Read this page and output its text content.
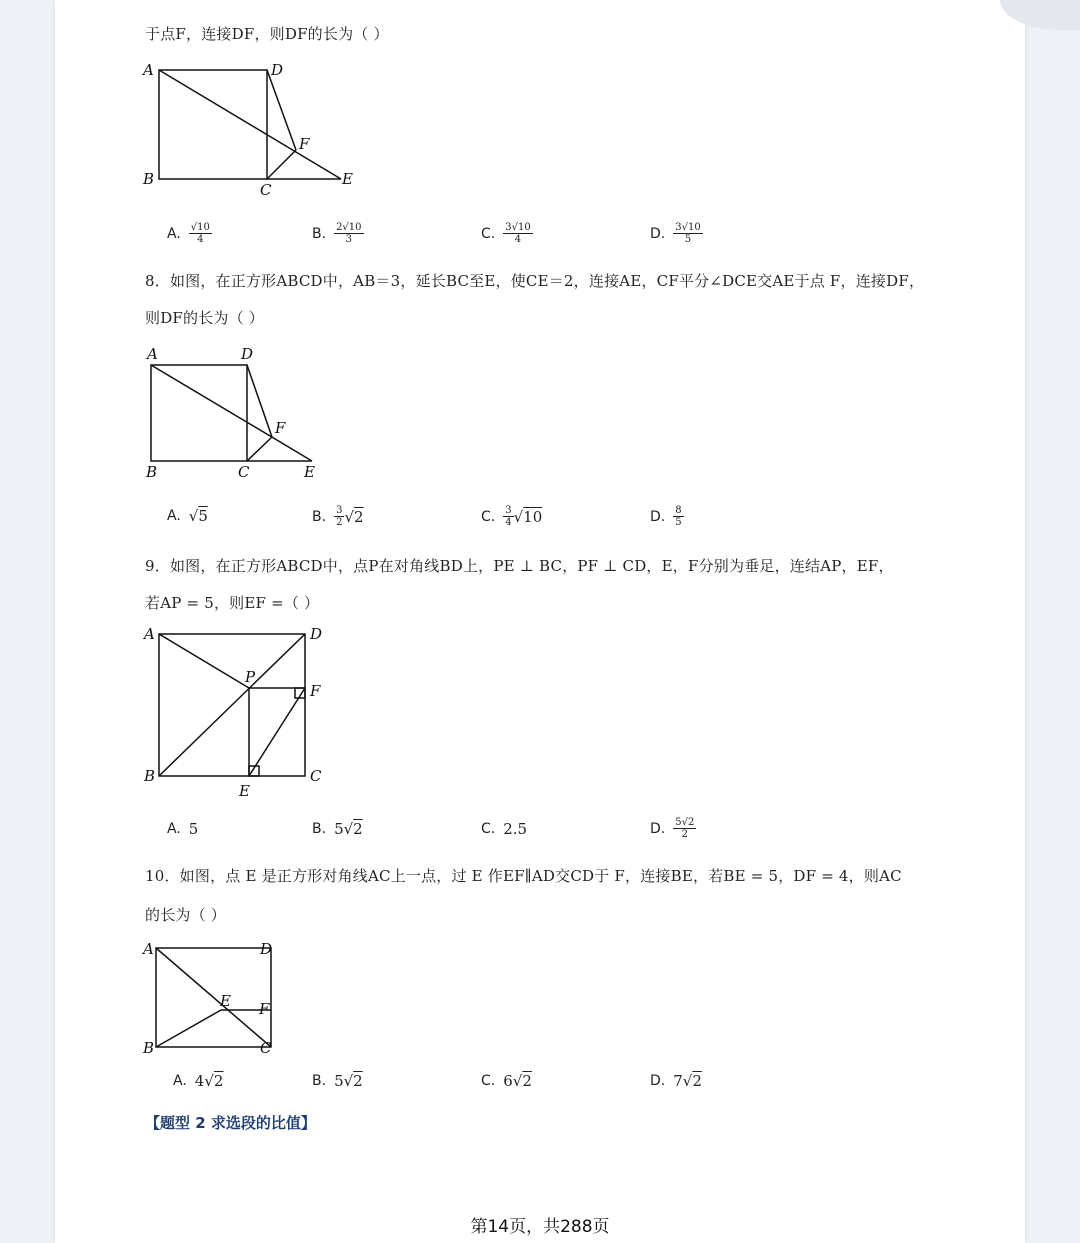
于点F，连接DF，则DF的长为（ ）
A	D
B
C
E
F
A. $\frac{√10}{4}$	B. $\frac{2√10}{3}$	C. $\frac{3√10}{4}$	D. $\frac{3√10}{5}$
8．如图，在正方形ABCD中，AB＝3，延长BC至E，使CE＝2，连接AE，CF平分∠DCE交AE于点 F，连接DF，
则DF的长为（ ）
A	D
B	C	E
F
A. √ 5	B. $\frac{3}{2}$ √ 2	C. $\frac{3}{4}$ √ 10	D. $\frac{8}{5}$
9．如图，在正方形ABCD中，点P在对角线BD上，PE ⊥ BC，PF ⊥ CD，E，F分别为垂足，连结AP，EF，
若AP = 5，则EF =（ ）
A	D
B	C
E
F
P
A. 5	B. 5 √ 2	C. 2.5	D. $\frac{5√2}{2}$
10．如图，点 E 是正方形对角线AC上一点，过 E 作EF∥AD交CD于 F，连接BE，若BE = 5，DF = 4，则AC
的长为（ ）
A	D
B	C
E F
A. 4 √ 2	B. 5 √ 2	C. 6 √ 2	D. 7 √ 2
【题型 2 求选段的比值】
第14页，共288页
